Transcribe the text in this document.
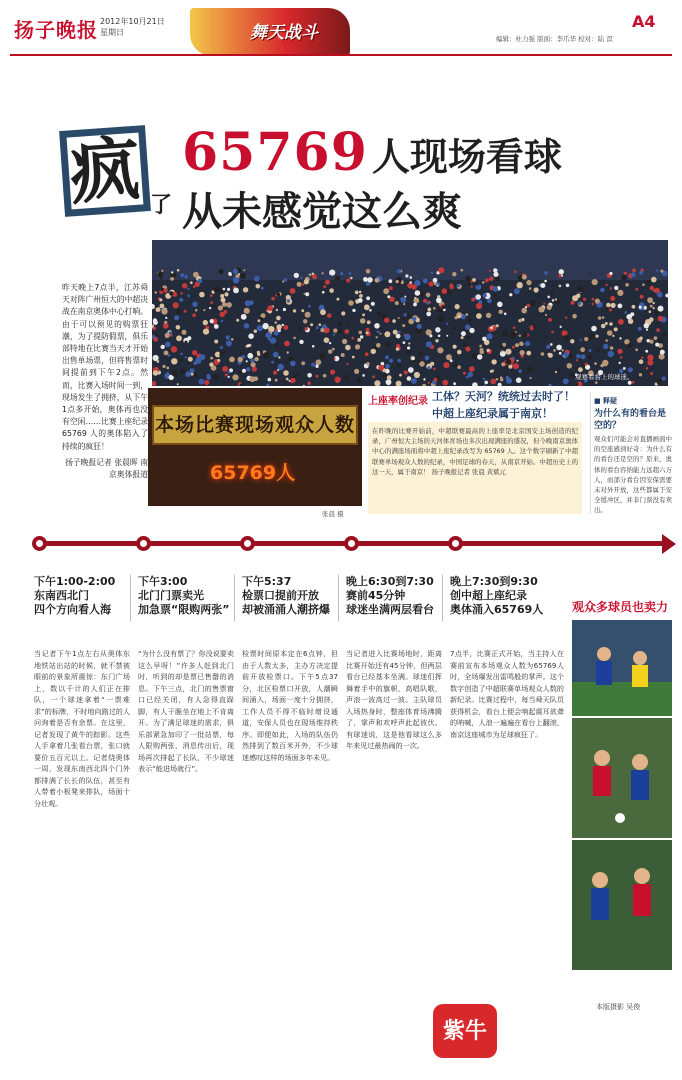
扬子晚报 2012年10月21日
星期日	舞天战斗
A4
编辑：杜力强 版面：李爪华 校对：陆 溟
疯 了
65769 人现场看球
从未感觉这么爽
观赛看台上的球迷。
昨天晚上7点半，江苏舜天对阵广州恒大的中超决战在南京奥体中心打响。由于可以预见的购票狂潮，为了提防假票，俱乐部特地在比赛当天才开始出售单场票，但将售票时间提前到下午2点。然而，比赛入场时间一到，现场发生了拥挤，从下午1点多开始，奥体再也没有空闲……比赛上座纪录 65769 人的奥体陷入了持续的疯狂！
扬子晚报记者 张晨晖 南京奥体报道
本场比赛现场观众人数
65769人
张晨 摄
上座率创纪录 工体？天河？统统过去时了！
中超上座纪录属于南京！
在昨晚的比赛开始前，中超联赛最高的上座率是北京国安主场创造的纪录，广州恒大主场的天河体育场也多次出现满座的盛况，但今晚南京奥体中心的满座场面将中超上座纪录改写为 65769 人。这个数字刷新了中超联赛单场观众人数的纪录，中国足球的春天，从南京开始。中超历史上的这一天，属于南京！ 扬子晚报记者 张晨 黄斌元
■ 释疑
为什么有的看台是空的？
观众们可能会对直播画面中的空座感到好奇：为什么有的看台还是空的？原来，奥体的看台容纳能力远超六万人，而部分看台因安保需要未对外开放，这些都属于安全缓冲区，并非门票没有卖出。
下午1:00-2:00
东南西北门
四个方向看人海
下午3:00
北门门票卖光
加急票“限购两张”
下午5:37
检票口提前开放
却被涌涌人潮挤爆
晚上6:30到7:30
赛前45分钟
球迷坐满两层看台
晚上7:30到9:30
创中超上座纪录
奥体涌入65769人
当记者下午1点左右从奥体东地铁站出站的时候，就不禁被眼前的景象所震惊：东门广场上，数以千计的人们正在排队，一个球迷拿着“一票难求”的标牌，不时地向路过的人问询着是否有余票。在这里，记者发现了黄牛的踪影。这些人手拿着几张看台票，张口就要价五百元以上。记者绕奥体一周，发现东南西北四个门外都排满了长长的队伍，甚至有人带着小板凳来排队，场面十分壮观。
“为什么没有票了？你没说要卖这么早呀！”许多人赶到北门时，听到的却是票已售罄的消息。下午三点，北门的售票窗口已经关闭，有人急得直跺脚，有人干脆坐在地上不肯离开。为了满足球迷的需求，俱乐部紧急加印了一批站票，每人限购两张，消息传出后，现场再次排起了长队，不少球迷表示“能进场就行”。
检票时间原本定在6点钟，但由于人数太多，主办方决定提前开放检票口。下午5点37分，北区检票口开放，人潮瞬间涌入，场面一度十分拥挤，工作人员不得不临时增设通道，安保人员也在现场维持秩序。即便如此，入场的队伍仍然排到了数百米开外，不少球迷感叹这样的场面多年未见。
当记者进入比赛场地时，距离比赛开始还有45分钟，但两层看台已经基本坐满。球迷们挥舞着手中的旗帜，高唱队歌，声浪一波高过一波。主队球员入场热身时，整座体育场沸腾了，掌声和欢呼声此起彼伏。有球迷说，这是他看球这么多年来见过最热闹的一次。
7点半，比赛正式开始，当主持人在赛前宣布本场观众人数为65769人时，全场爆发出雷鸣般的掌声。这个数字创造了中超联赛单场观众人数的新纪录。比赛过程中，每当舜天队员获得机会，看台上便会响起震耳欲聋的呐喊，人浪一遍遍在看台上翻滚，南京这座城市为足球疯狂了。
观众多球员也卖力
本版摄影 吴俊
紫牛
